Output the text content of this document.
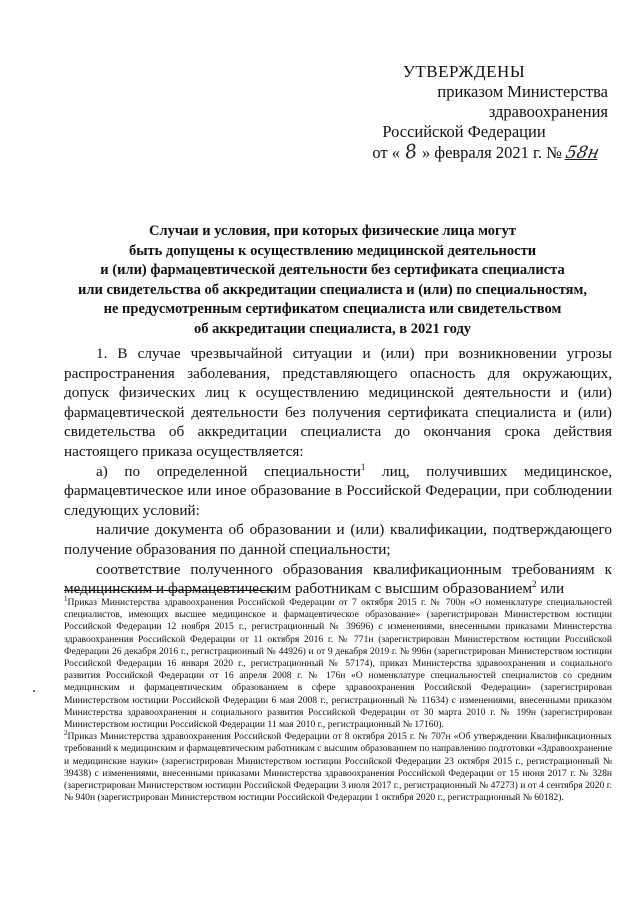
УТВЕРЖДЕНЫ
приказом Министерства здравоохранения
Российской Федерации
от « 8 » февраля 2021 г. № 58н
Случаи и условия, при которых физические лица могут
быть допущены к осуществлению медицинской деятельности
и (или) фармацевтической деятельности без сертификата специалиста
или свидетельства об аккредитации специалиста и (или) по специальностям,
не предусмотренным сертификатом специалиста или свидетельством
об аккредитации специалиста, в 2021 году

1. В случае чрезвычайной ситуации и (или) при возникновении угрозы распространения заболевания, представляющего опасность для окружающих, допуск физических лиц к осуществлению медицинской деятельности и (или) фармацевтической деятельности без получения сертификата специалиста и (или) свидетельства об аккредитации специалиста до окончания срока действия настоящего приказа осуществляется:

а) по определенной специальности$^1$ лиц, получивших медицинское, фармацевтическое или иное образование в Российской Федерации, при соблюдении следующих условий:

наличие документа об образовании и (или) квалификации, подтверждающего получение образования по данной специальности;

соответствие полученного образования квалификационным требованиям к медицинским и фармацевтическим работникам с высшим образованием$^2$ или

$^1$Приказ Министерства здравоохранения Российской Федерации от 7 октября 2015 г. № 700н «О номенклатуре специальностей специалистов, имеющих высшее медицинское и фармацевтическое образование» (зарегистрирован Министерством юстиции Российской Федерации 12 ноября 2015 г., регистрационный № 39696) с изменениями, внесенными приказами Министерства здравоохранения Российской Федерации от 11 октября 2016 г. № 771н (зарегистрирован Министерством юстиции Российской Федерации 26 декабря 2016 г., регистрационный № 44926) и от 9 декабря 2019 г. № 996н (зарегистрирован Министерством юстиции Российской Федерации 16 января 2020 г., регистрационный № 57174), приказ Министерства здравоохранения и социального развития Российской Федерации от 16 апреля 2008 г. № 176н «О номенклатуре специальностей специалистов со средним медицинским и фармацевтическим образованием в сфере здравоохранения Российской Федерации» (зарегистрирован Министерством юстиции Российской Федерации 6 мая 2008 г., регистрационный № 11634) с изменениями, внесенными приказом Министерства здравоохранения и социального развития Российской Федерации от 30 марта 2010 г. № 199н (зарегистрирован Министерством юстиции Российской Федерации 11 мая 2010 г., регистрационный № 17160).

$^2$Приказ Министерства здравоохранения Российской Федерации от 8 октября 2015 г. № 707н «Об утверждении Квалификационных требований к медицинским и фармацевтическим работникам с высшим образованием по направлению подготовки «Здравоохранение и медицинские науки» (зарегистрирован Министерством юстиции Российской Федерации 23 октября 2015 г., регистрационный № 39438) с изменениями, внесенными приказами Министерства здравоохранения Российской Федерации от 15 июня 2017 г. № 328н (зарегистрирован Министерством юстиции Российской Федерации 3 июля 2017 г., регистрационный № 47273) и от 4 сентября 2020 г. № 940н (зарегистрирован Министерством юстиции Российской Федерации 1 октября 2020 г., регистрационный № 60182).
